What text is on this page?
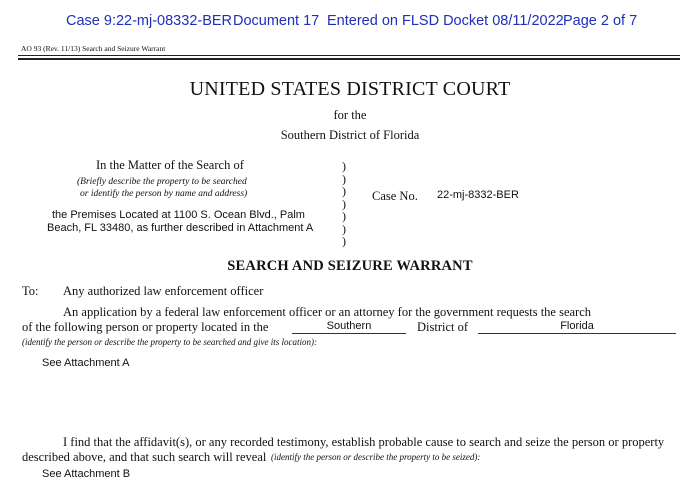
Case 9:22-mj-08332-BER Document 17 Entered on FLSD Docket 08/11/2022 Page 2 of 7
AO 93 (Rev. 11/13) Search and Seizure Warrant
UNITED STATES DISTRICT COURT
for the
Southern District of Florida
In the Matter of the Search of
(Briefly describe the property to be searched
or identify the person by name and address)
the Premises Located at 1100 S. Ocean Blvd., Palm
Beach, FL 33480, as further described in Attachment A
)
)
)
)
)
)
)
Case No. 22-mj-8332-BER
SEARCH AND SEIZURE WARRANT
To: Any authorized law enforcement officer
An application by a federal law enforcement officer or an attorney for the government requests the search
of the following person or property located in the	Southern	District of	Florida
(identify the person or describe the property to be searched and give its location):
See Attachment A
I find that the affidavit(s), or any recorded testimony, establish probable cause to search and seize the person or property
described above, and that such search will reveal (identify the person or describe the property to be seized):
See Attachment B
